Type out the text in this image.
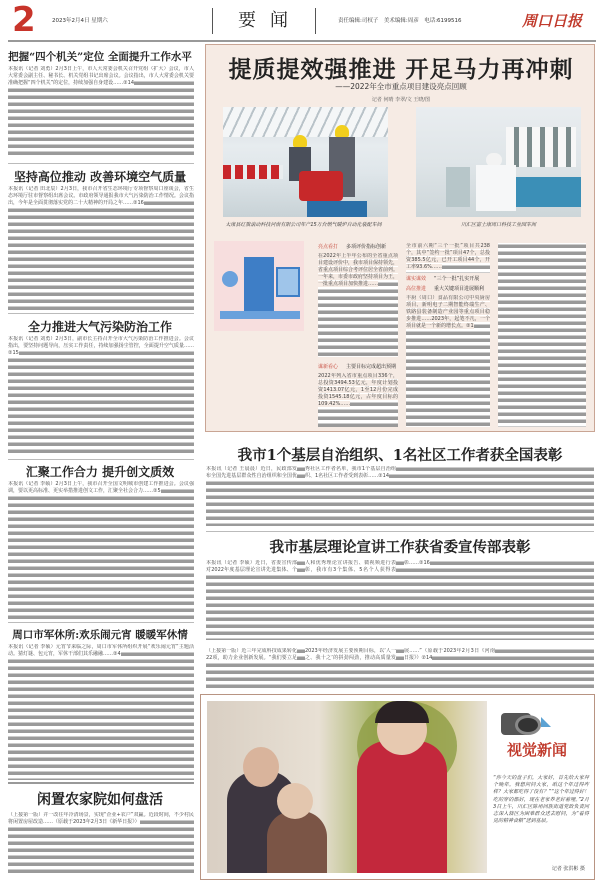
2	2023年2月4日 星期六	要闻	责任编辑:司权子　美术编辑:周彦　电话:6199516	周口日报
把握“四个机关”定位 全面提升工作水平
本报讯（记者 刘勇）2月3日上午，市人大常委会机关召开党组（扩大）会议，市人大常委会副主任、秘书长、机关党组书记出席会议。会议指出，市人大常委会机关要准确把握“四个机关”的定位，持续加强自身建设……②14
坚持高位推动 改善环境空气质量
本报讯（记者 田北辰）2月3日，我市召开省生态环境厅专项督察周口座谈会，省生态环境厅驻市督察组出席会议。市政府领导通报我市大气污染防治工作情况。会议指出，今年是全面贯彻落实党的二十大精神的开局之年……②16
全力推进大气污染防治工作
本报讯（记者 刘勇）2月3日，副市长主持召开全市大气污染防治工作推进会。会议指出，要坚持问题导向，压实工作责任，持续加强扬尘管控，全面提升空气质量……②15
汇聚工作合力 提升创文质效
本报讯（记者 李硕）2月3日上午，我市召开全国文明城市创建工作推进会。会议强调，要以更高标准、更实举措推进创文工作，汇聚全社会合力……②5
周口市军休所:欢乐闹元宵 暖暖军休情
本报讯（记者 李硕）元宵节来临之际，周口市军休所组织开展“欢乐闹元宵”主题活动。猜灯谜、包元宵，军休干部们其乐融融……②4
闲置农家院如何盘活
（上接第一版）并一改往年冷清场景，实现“企业+农户”双赢。近段时间，不少村民将闲置房屋改造……（原载于2023年2月3日《新华日报》）
提质提效强推进 开足马力再冲刺
——2022年全市重点项目建设亮点回顾
记者 何晴 李翠/文 王晓/图
太康县红旗滚动科技河南有限公司年产15万台燃气暖炉自动化装配车间	川汇区富士康周口科技工业园车间
亮点看打 多项评价指标创新
在2022年上半年公布的全省重点项目建设评价中，我市项目保持领先，省重点项目综合考评位居全省前列。一年来，市委市政府坚持项目为王，一批重点项目加快推进……
谋新看心 主要目标完成超出预期
2022年列入省市重点项目336个，总投资3494.53亿元，年度计划投资1413.07亿元，1至12月份完成投资1545.18亿元，占年度目标的109.42%……
谋实谋效 “三个一批”扎实开展
全市前六期“三个一批”项目共238个，其中“签约一批”项目47个，总投资385.5亿元，已开工项目44个，开工率93.6%……
高位推进 重大关键项目进展顺利
丰厨（周口）食品有限公司中央厨房项目、新明电子二期智能终端生产、铁路县装备制造产业园等重点项目稳步推进……2023年，起笔不凡，一个项目就是一个新的增长点。②1
我市1个基层自治组织、1名社区工作者获全国表彰
本报讯（记者 王晨晨）近日，民政部发布全国先进基层群众性自治组织和全国优秀社区工作者名单，我市1个基层自治组织、1名社区工作者受到表彰……②14
我市基层理论宣讲工作获省委宣传部表彰
本报讯（记者 李硕）近日，省委宣传部对2022年度基层理论宣讲先进集体、个人和优秀理论宣讲报告、微视频进行表彰，我市有3个集体、5名个人获得表彰……②16
（上接第一版）近三年完成科技成果转化22项，助力企业创新发展。“我们要立足2023年经济发展主要预期目标，以‘人一之、我十之’的拼劲闯劲，推动高质量发展……”（原载于2023年2月3日《河南日报》）②14
视觉新闻
“你今天的盘子们，大家好，首先给大家拜个晚年。我想问问大家，咱这个年过得咋样？大家都吃得了没有？”“这个年过得好！吃的穿的都好，现在老家养老好着哩。”2月3日上午，川汇区陈州回族街道党政负责同志深入辖区为困难群众送去慰问，为“看得见的精神食粮”送到基层。
记者 张洪彬 摄
